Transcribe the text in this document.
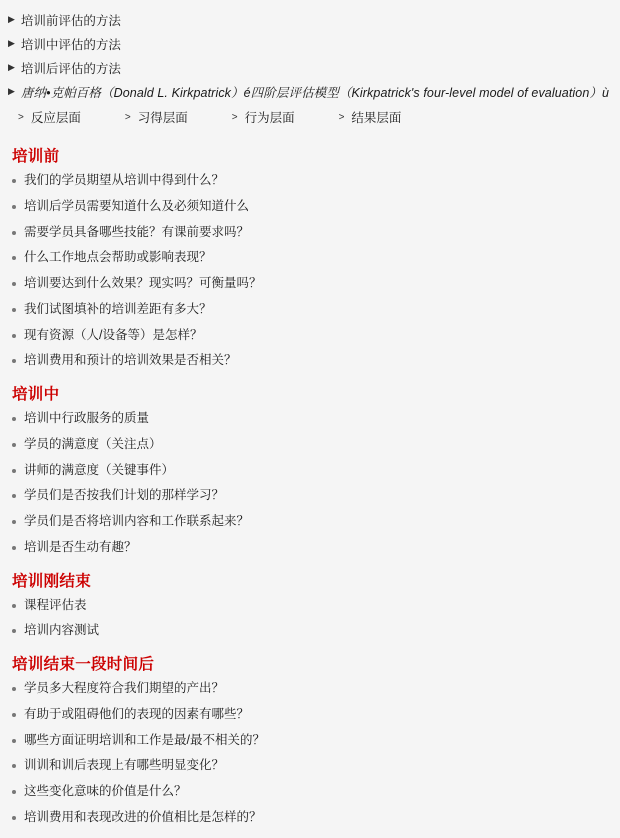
▶ 培训前评估的方法
▶ 培训中评估的方法
▶ 培训后评估的方法
▶ 唐纳•克帕百格（Donald L. Kirkpatrick）é四阶层评估模型（Kirkpatrick's four-level model of evaluation）ù
> 反应层面	> 习得层面	> 行为层面	> 结果层面
培训前
我们的学员期望从培训中得到什么？
培训后学员需要知道什么及必须知道什么
需要学员具备哪些技能？有课前要求吗？
什么工作地点会帮助或影响表现？
培训要达到什么效果？现实吗？可衡量吗？
我们试图填补的培训差距有多大？
现有资源（人/设备等）是怎样？
培训费用和预计的培训效果是否相关？
培训中
培训中行政服务的质量
学员的满意度（关注点）
讲师的满意度（关键事件）
学员们是否按我们计划的那样学习？
学员们是否将培训内容和工作联系起来？
培训是否生动有趣？
培训刚结束
课程评估表
培训内容测试
培训结束一段时间后
学员多大程度符合我们期望的产出？
有助于或阻碍他们的表现的因素有哪些？
哪些方面证明培训和工作是最/最不相关的？
训训和训后表现上有哪些明显变化？
这些变化意味的价值是什么？
培训费用和表现改进的价值相比是怎样的？
